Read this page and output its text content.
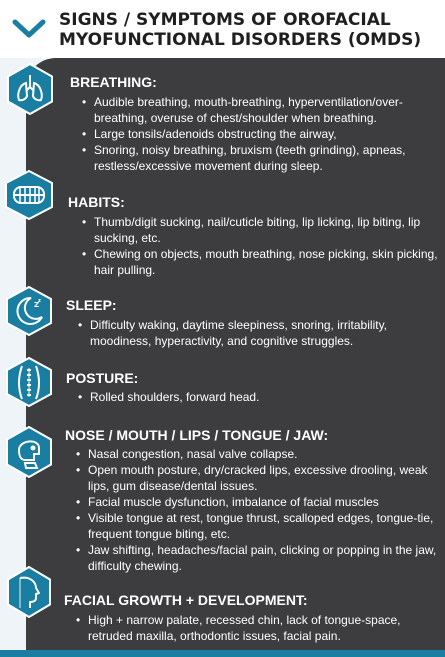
SIGNS / SYMPTOMS OF OROFACIAL
MYOFUNCTIONAL DISORDERS (OMDS)
Z
z
BREATHING:
• Audible breathing, mouth-breathing, hyperventilation/over-breathing, overuse of chest/shoulder when breathing.
• Large tonsils/adenoids obstructing the airway,
• Snoring, noisy breathing, bruxism (teeth grinding), apneas, restless/excessive movement during sleep.
HABITS:
• Thumb/digit sucking, nail/cuticle biting, lip licking, lip biting, lip sucking, etc.
• Chewing on objects, mouth breathing, nose picking, skin picking, hair pulling.
SLEEP:
• Difficulty waking, daytime sleepiness, snoring, irritability, moodiness, hyperactivity, and cognitive struggles.
POSTURE:
• Rolled shoulders, forward head.
NOSE / MOUTH / LIPS / TONGUE / JAW:
• Nasal congestion, nasal valve collapse.
• Open mouth posture, dry/cracked lips, excessive drooling, weak lips, gum disease/dental issues.
• Facial muscle dysfunction, imbalance of facial muscles
• Visible tongue at rest, tongue thrust, scalloped edges, tongue-tie, frequent tongue biting, etc.
• Jaw shifting, headaches/facial pain, clicking or popping in the jaw, difficulty chewing.
FACIAL GROWTH + DEVELOPMENT:
• High + narrow palate, recessed chin, lack of tongue-space, retruded maxilla, orthodontic issues, facial pain.
